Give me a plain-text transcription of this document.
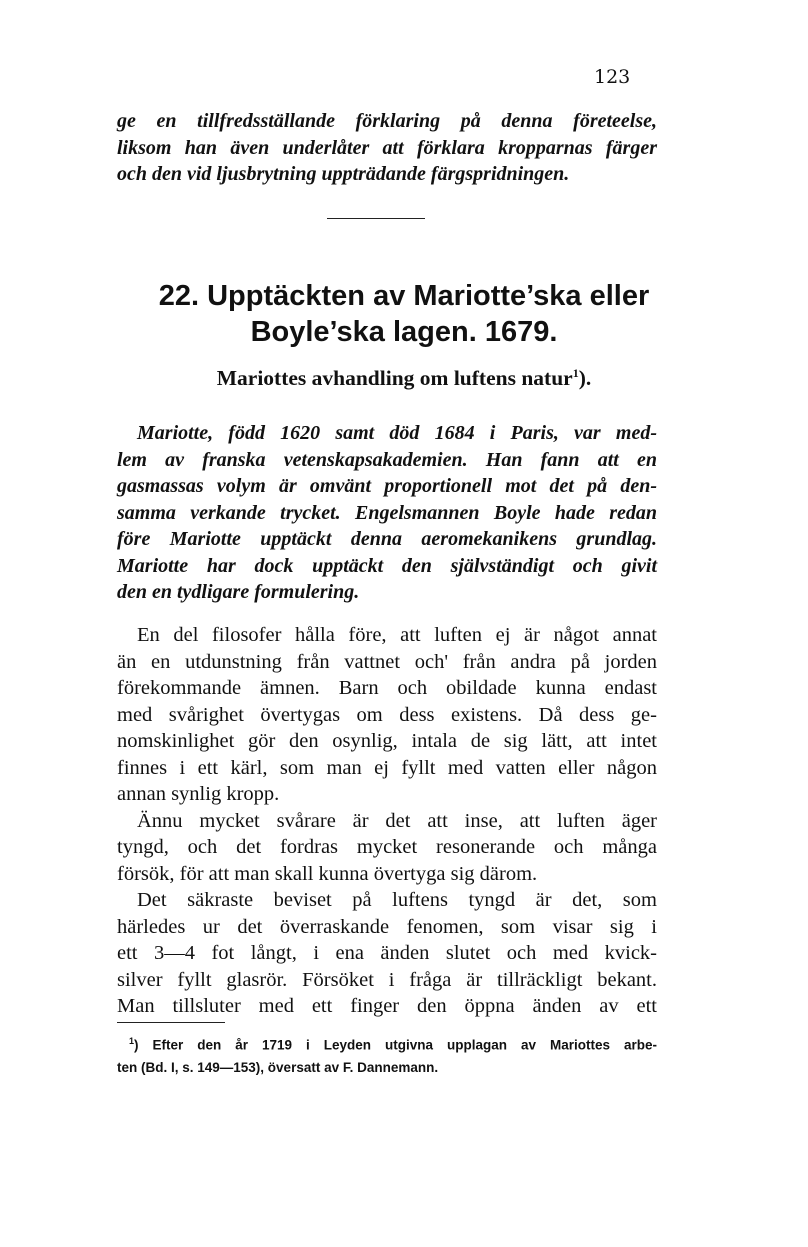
123
ge en tillfredsställande förklaring på denna företeelse,
liksom han även underlåter att förklara kropparnas färger
och den vid ljusbrytning uppträdande färgspridningen.
22. Upptäckten av Mariotte’ska eller
Boyle’ska lagen. 1679.
Mariottes avhandling om luftens natur$^1$).
Mariotte, född 1620 samt död 1684 i Paris, var med-
lem av franska vetenskapsakademien. Han fann att en
gasmassas volym är omvänt proportionell mot det på den-
samma verkande trycket. Engelsmannen Boyle hade redan
före Mariotte upptäckt denna aeromekanikens grundlag.
Mariotte har dock upptäckt den självständigt och givit
den en tydligare formulering.
En del filosofer hålla före, att luften ej är något annat
än en utdunstning från vattnet och' från andra på jorden
förekommande ämnen. Barn och obildade kunna endast
med svårighet övertygas om dess existens. Då dess ge-
nomskinlighet gör den osynlig, intala de sig lätt, att intet
finnes i ett kärl, som man ej fyllt med vatten eller någon
annan synlig kropp.
Ännu mycket svårare är det att inse, att luften äger
tyngd, och det fordras mycket resonerande och många
försök, för att man skall kunna övertyga sig därom.
Det säkraste beviset på luftens tyngd är det, som
härledes ur det överraskande fenomen, som visar sig i
ett 3—4 fot långt, i ena änden slutet och med kvick-
silver fyllt glasrör. Försöket i fråga är tillräckligt bekant.
Man tillsluter med ett finger den öppna änden av ett
$^1$) Efter den år 1719 i Leyden utgivna upplagan av Mariottes arbe-
ten (Bd. I, s. 149—153), översatt av F. Dannemann.
